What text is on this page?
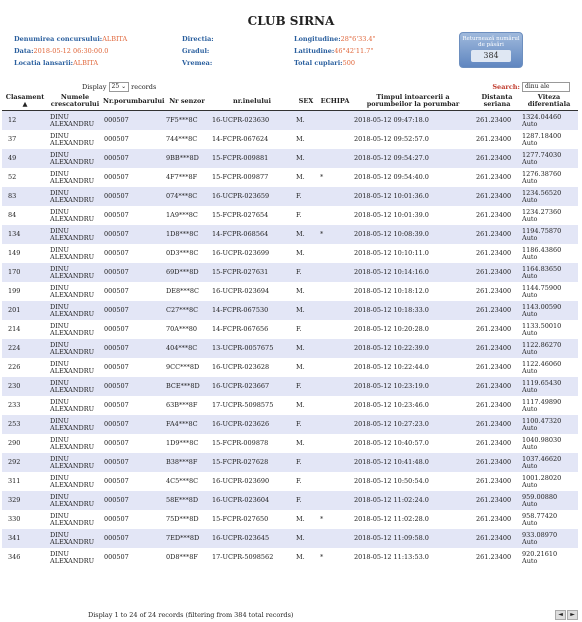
CLUB SIRNA
Denumirea concursului:ALBITA	Directia:	Longitudine:28°6'33.4"
Data:2018-05-12 06:30:00.0	Gradul:	Latitudine:46°42'11.7"
Locatia lansarii:ALBITA	Vremea:	Total cuplari:500
Returnează numărul de păsări
384
Display 25 ⌄ records	Search: dinu ale
Clasament ▲	Numele crescatorului	Nr.porumbarului	Nr senzor	nr.inelului	SEX	ECHIPA	Timpul intoarcerii a porumbeilor la porumbar	Distanta seriana	Viteza diferentiala
12	DINU ALEXANDRU	000507	7F5***8C	16-UCPR-023630	M.		2018-05-12 09:47:18.0	261.23400	1324.04460
Auto

37	DINU ALEXANDRU	000507	744***8C	14-FCPR-067624	M.		2018-05-12 09:52:57.0	261.23400	1287.18400
Auto

49	DINU ALEXANDRU	000507	9BB***8D	15-FCPR-009881	M.		2018-05-12 09:54:27.0	261.23400	1277.74030
Auto

52	DINU ALEXANDRU	000507	4F7***8F	15-FCPR-009877	M.	*	2018-05-12 09:54:40.0	261.23400	1276.38760
Auto

83	DINU ALEXANDRU	000507	074***8C	16-UCPR-023659	F.		2018-05-12 10:01:36.0	261.23400	1234.56520
Auto

84	DINU ALEXANDRU	000507	1A9***8C	15-FCPR-027654	F.		2018-05-12 10:01:39.0	261.23400	1234.27360
Auto

134	DINU ALEXANDRU	000507	1D8***8C	14-FCPR-068564	M.	*	2018-05-12 10:08:39.0	261.23400	1194.75870
Auto

149	DINU ALEXANDRU	000507	0D3***8C	16-UCPR-023699	M.		2018-05-12 10:10:11.0	261.23400	1186.43860
Auto

170	DINU ALEXANDRU	000507	69D***8D	15-FCPR-027631	F.		2018-05-12 10:14:16.0	261.23400	1164.83650
Auto

199	DINU ALEXANDRU	000507	DE8***8C	16-UCPR-023694	M.		2018-05-12 10:18:12.0	261.23400	1144.75900
Auto

201	DINU ALEXANDRU	000507	C27***8C	14-FCPR-067530	M.		2018-05-12 10:18:33.0	261.23400	1143.00590
Auto

214	DINU ALEXANDRU	000507	70A***80	14-FCPR-067656	F.		2018-05-12 10:20:28.0	261.23400	1133.50010
Auto

224	DINU ALEXANDRU	000507	404***8C	13-UCPR-0057675	M.		2018-05-12 10:22:39.0	261.23400	1122.86270
Auto

226	DINU ALEXANDRU	000507	9CC***8D	16-UCPR-023628	M.		2018-05-12 10:22:44.0	261.23400	1122.46060
Auto

230	DINU ALEXANDRU	000507	BCE***8D	16-UCPR-023667	F.		2018-05-12 10:23:19.0	261.23400	1119.65430
Auto

233	DINU ALEXANDRU	000507	63B***8F	17-UCPR-5098575	M.		2018-05-12 10:23:46.0	261.23400	1117.49890
Auto

253	DINU ALEXANDRU	000507	FA4***8C	16-UCPR-023626	F.		2018-05-12 10:27:23.0	261.23400	1100.47320
Auto

290	DINU ALEXANDRU	000507	1D9***8C	15-FCPR-009878	M.		2018-05-12 10:40:57.0	261.23400	1040.98030
Auto

292	DINU ALEXANDRU	000507	B38***8F	15-FCPR-027628	F.		2018-05-12 10:41:48.0	261.23400	1037.46620
Auto

311	DINU ALEXANDRU	000507	4C5***8C	16-UCPR-023690	F.		2018-05-12 10:50:54.0	261.23400	1001.28020
Auto

329	DINU ALEXANDRU	000507	58E***8D	16-UCPR-023604	F.		2018-05-12 11:02:24.0	261.23400	959.00880
Auto

330	DINU ALEXANDRU	000507	75D***8D	15-FCPR-027650	M.	*	2018-05-12 11:02:28.0	261.23400	958.77420
Auto

341	DINU ALEXANDRU	000507	7ED***8D	16-UCPR-023645	M.		2018-05-12 11:09:58.0	261.23400	933.08970
Auto

346	DINU ALEXANDRU	000507	0D8***8F	17-UCPR-5098562	M.	*	2018-05-12 11:13:53.0	261.23400	920.21610
Auto
Display 1 to 24 of 24 records (filtering from 384 total records)	◄ ►
